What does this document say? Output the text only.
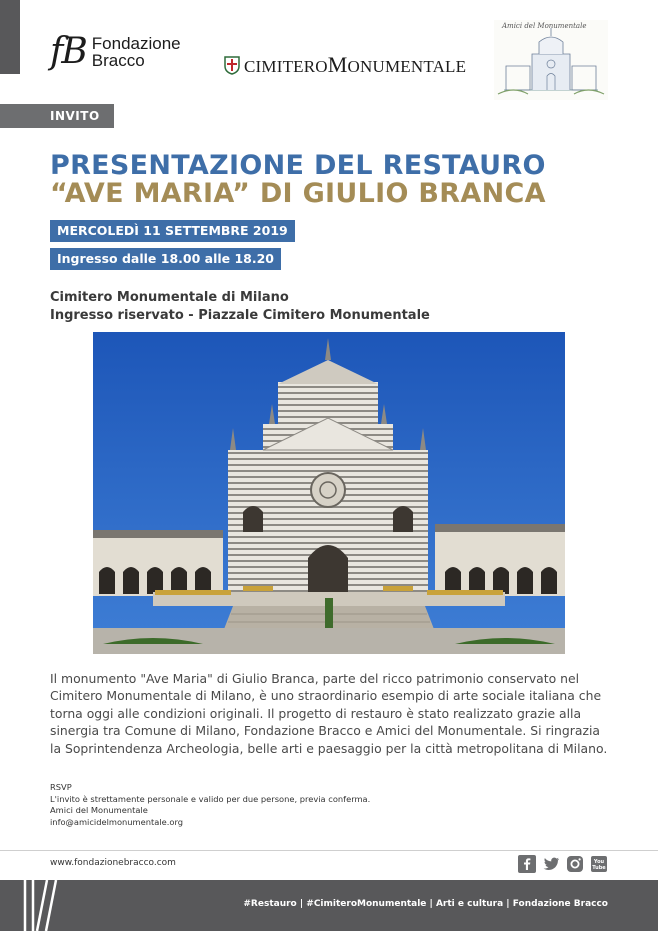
fB Fondazione
Bracco	CIMITEROMONUMENTALE
Amici del Monumentale
INVITO
PRESENTAZIONE DEL RESTAURO
“AVE MARIA” DI GIULIO BRANCA
MERCOLEDÌ 11 SETTEMBRE 2019
Ingresso dalle 18.00 alle 18.20
Cimitero Monumentale di Milano
Ingresso riservato - Piazzale Cimitero Monumentale
Il monumento "Ave Maria" di Giulio Branca, parte del ricco patrimonio conservato nel Cimitero Monumentale di Milano, è uno straordinario esempio di arte sociale italiana che torna oggi alle condizioni originali. Il progetto di restauro è stato realizzato grazie alla sinergia tra Comune di Milano, Fondazione Bracco e Amici del Monumentale. Si ringrazia la Soprintendenza Archeologia, belle arti e paesaggio per la città metropolitana di Milano.
RSVP
L'invito è strettamente personale e valido per due persone, previa conferma.
Amici del Monumentale
info@amicidelmonumentale.org
www.fondazionebracco.com	You
Tube
#Restauro | #CimiteroMonumentale | Arti e cultura | Fondazione Bracco
